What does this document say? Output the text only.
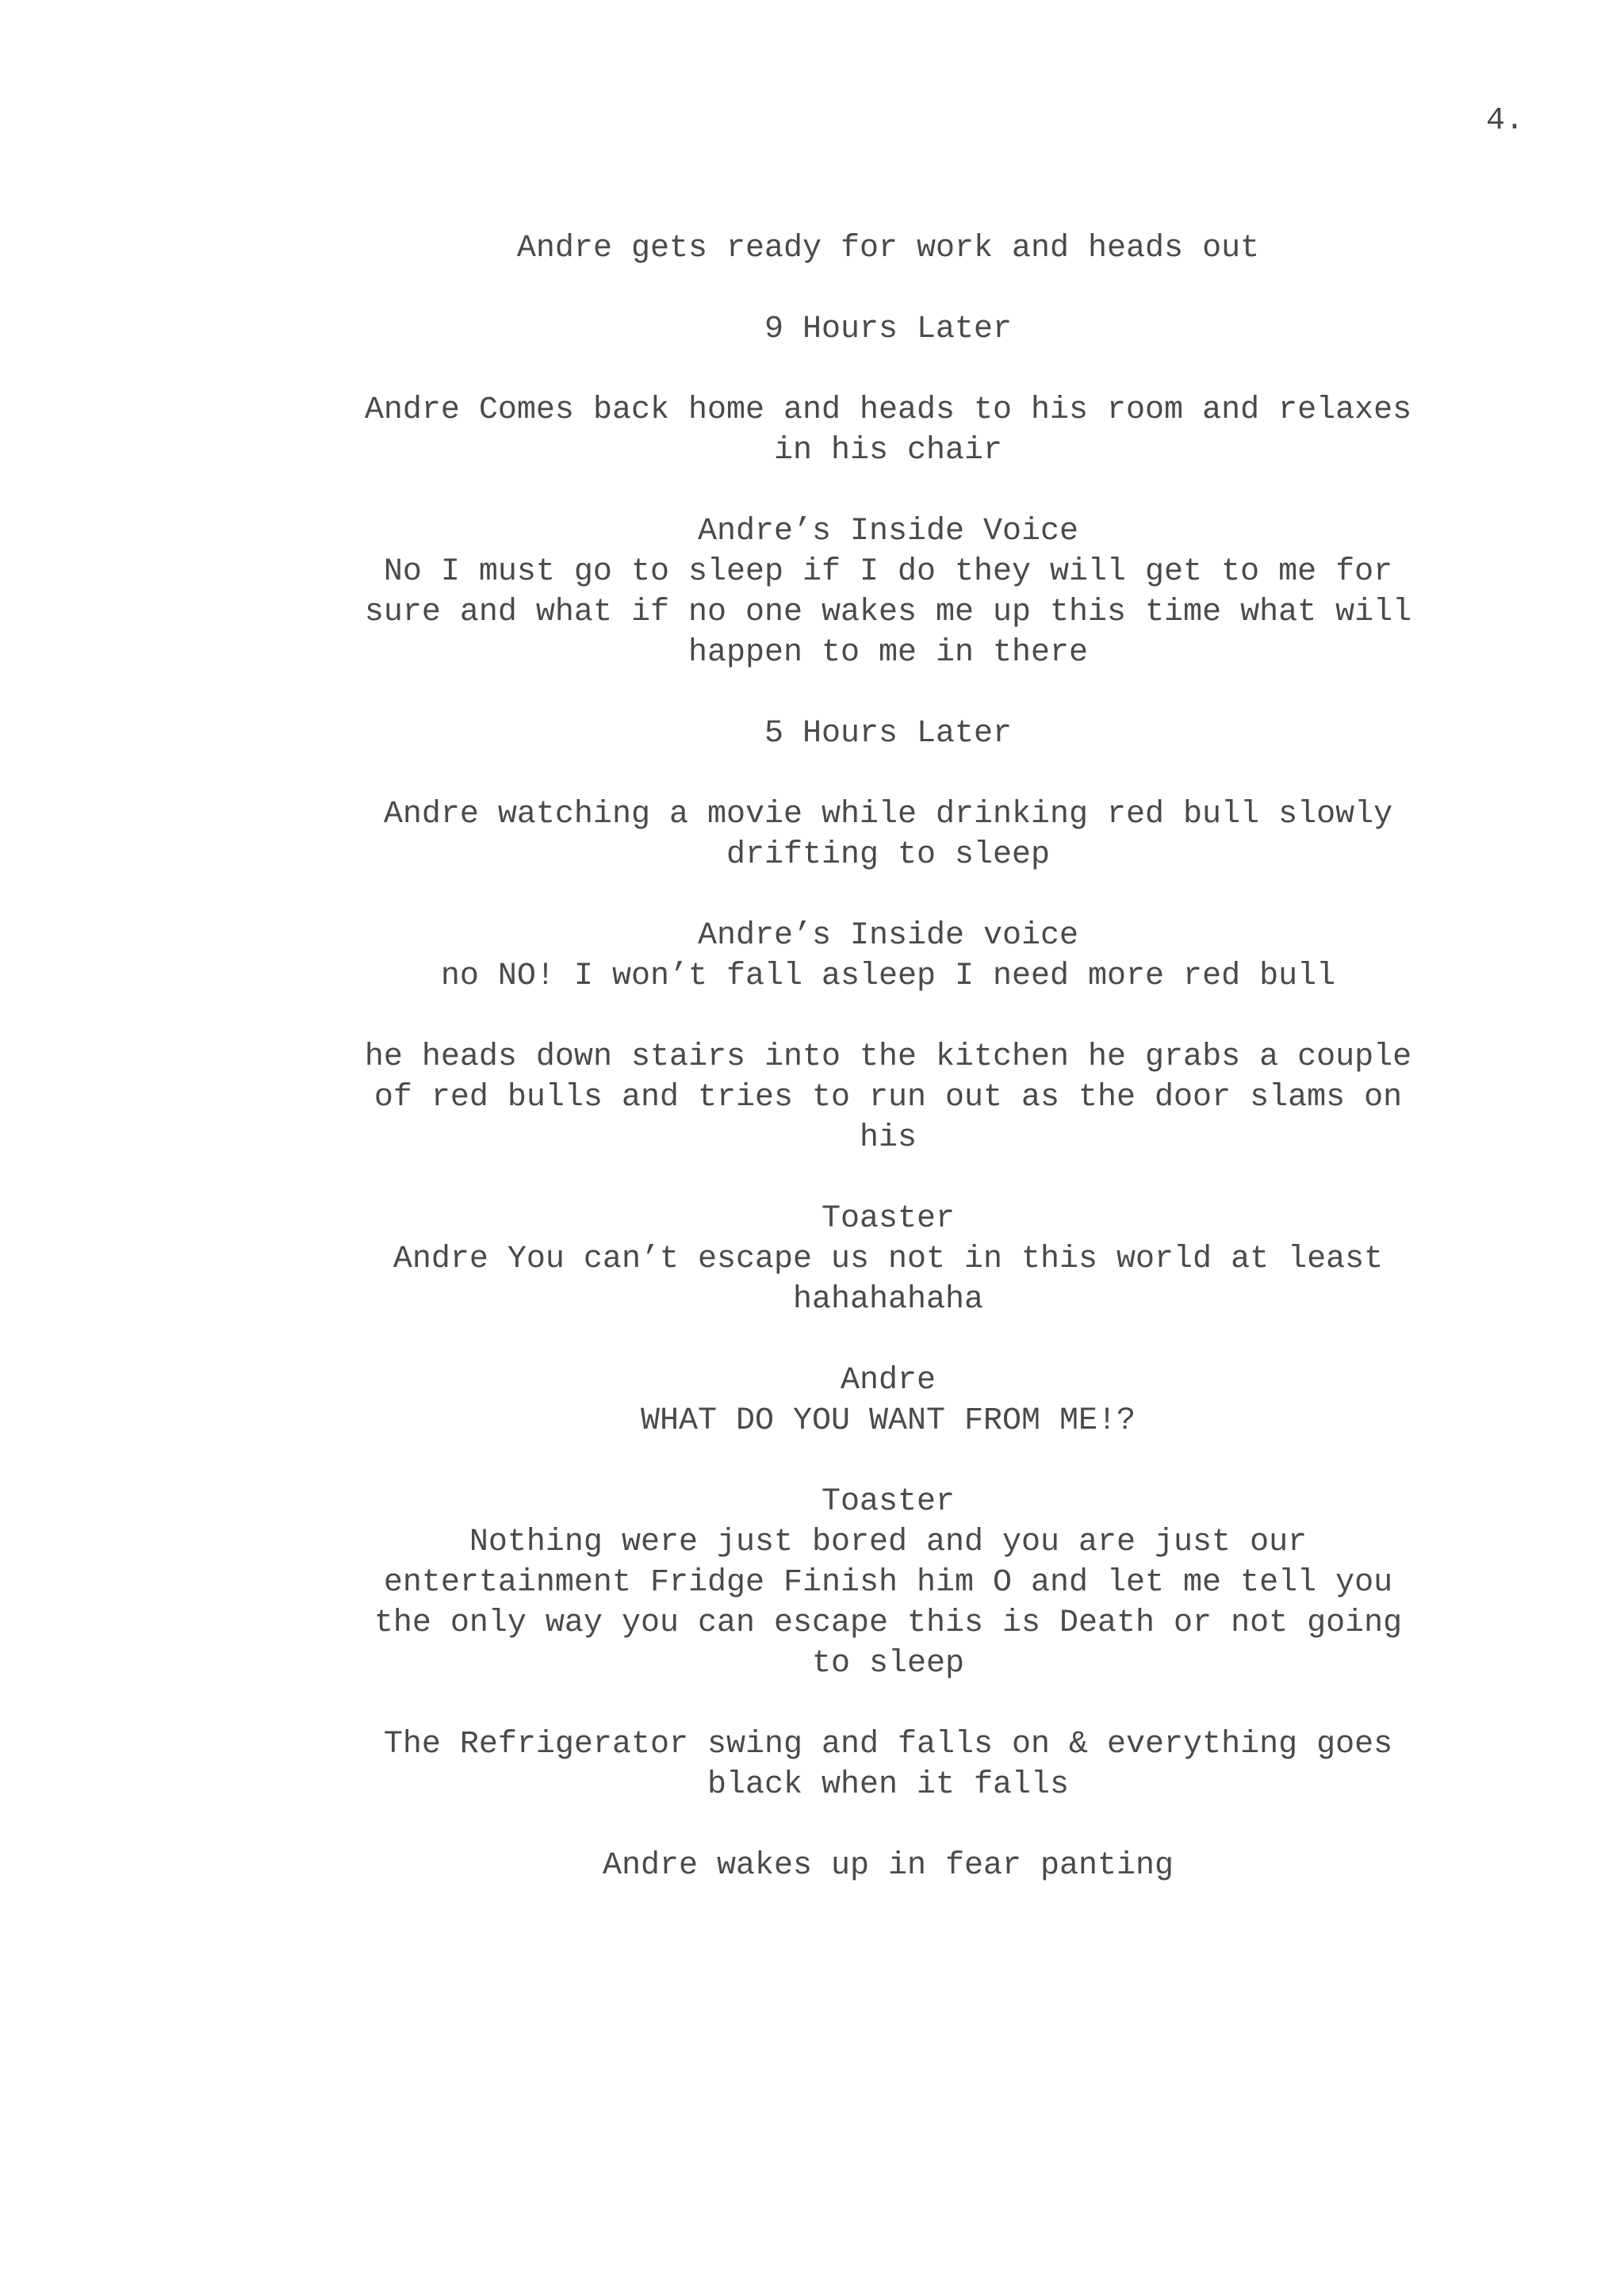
4.
Andre gets ready for work and heads out
9 Hours Later
Andre Comes back home and heads to his room and relaxes
in his chair
Andre’s Inside Voice
No I must go to sleep if I do they will get to me for
sure and what if no one wakes me up this time what will
happen to me in there
5 Hours Later
Andre watching a movie while drinking red bull slowly
drifting to sleep
Andre’s Inside voice
no NO! I won’t fall asleep I need more red bull
he heads down stairs into the kitchen he grabs a couple
of red bulls and tries to run out as the door slams on
his
Toaster
Andre You can’t escape us not in this world at least
hahahahaha
Andre
WHAT DO YOU WANT FROM ME!?
Toaster
Nothing were just bored and you are just our
entertainment Fridge Finish him O and let me tell you
the only way you can escape this is Death or not going
to sleep
The Refrigerator swing and falls on & everything goes
black when it falls
Andre wakes up in fear panting
